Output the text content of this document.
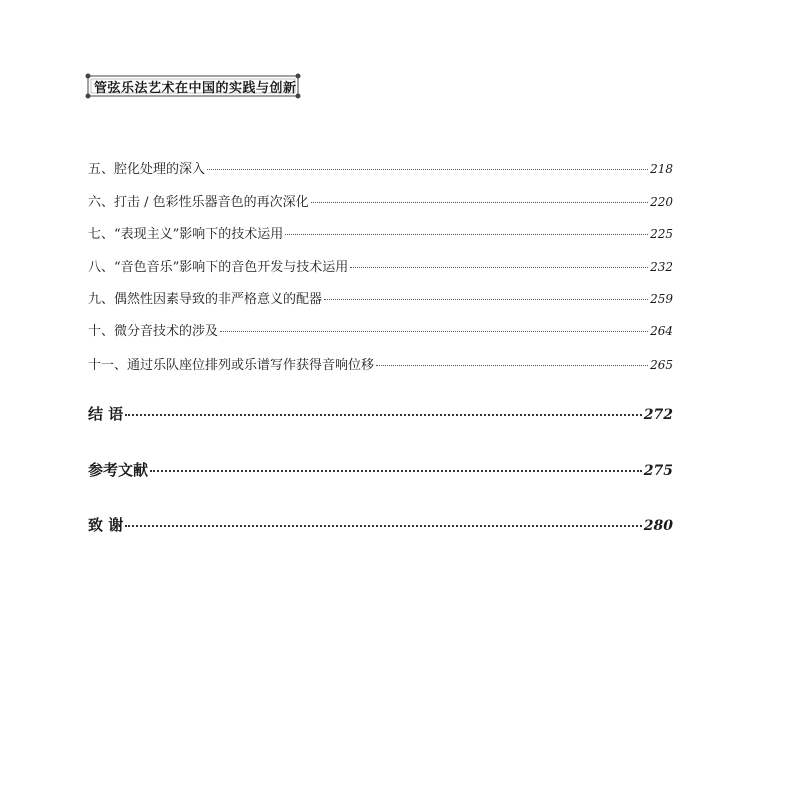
管弦乐法艺术在中国的实践与创新
五、腔化处理的深入	218
六、打击 / 色彩性乐器音色的再次深化	220
七、“表现主义”影响下的技术运用	225
八、“音色音乐”影响下的音色开发与技术运用	232
九、偶然性因素导致的非严格意义的配器	259
十、微分音技术的涉及	264
十一、通过乐队座位排列或乐谱写作获得音响位移	265
结 语	272
参考文献	275
致 谢	280
